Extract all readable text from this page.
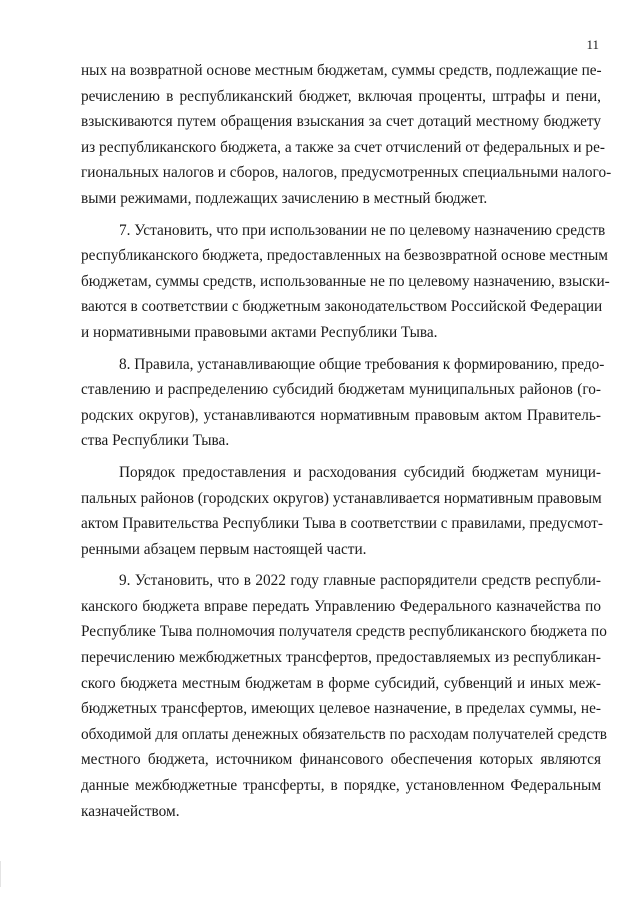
11
ных на возвратной основе местным бюджетам, суммы средств, подлежащие пе-
речислению в республиканский бюджет, включая проценты, штрафы и пени,
взыскиваются путем обращения взыскания за счет дотаций местному бюджету
из республиканского бюджета, а также за счет отчислений от федеральных и ре-
гиональных налогов и сборов, налогов, предусмотренных специальными налого-
выми режимами, подлежащих зачислению в местный бюджет.
7. Установить, что при использовании не по целевому назначению средств
республиканского бюджета, предоставленных на безвозвратной основе местным
бюджетам, суммы средств, использованные не по целевому назначению, взыски-
ваются в соответствии с бюджетным законодательством Российской Федерации
и нормативными правовыми актами Республики Тыва.
8. Правила, устанавливающие общие требования к формированию, предо-
ставлению и распределению субсидий бюджетам муниципальных районов (го-
родских округов), устанавливаются нормативным правовым актом Правитель-
ства Республики Тыва.
Порядок предоставления и расходования субсидий бюджетам муници-
пальных районов (городских округов) устанавливается нормативным правовым
актом Правительства Республики Тыва в соответствии с правилами, предусмот-
ренными абзацем первым настоящей части.
9. Установить, что в 2022 году главные распорядители средств республи-
канского бюджета вправе передать Управлению Федерального казначейства по
Республике Тыва полномочия получателя средств республиканского бюджета по
перечислению межбюджетных трансфертов, предоставляемых из республикан-
ского бюджета местным бюджетам в форме субсидий, субвенций и иных меж-
бюджетных трансфертов, имеющих целевое назначение, в пределах суммы, не-
обходимой для оплаты денежных обязательств по расходам получателей средств
местного бюджета, источником финансового обеспечения которых являются
данные межбюджетные трансферты, в порядке, установленном Федеральным
казначейством.
